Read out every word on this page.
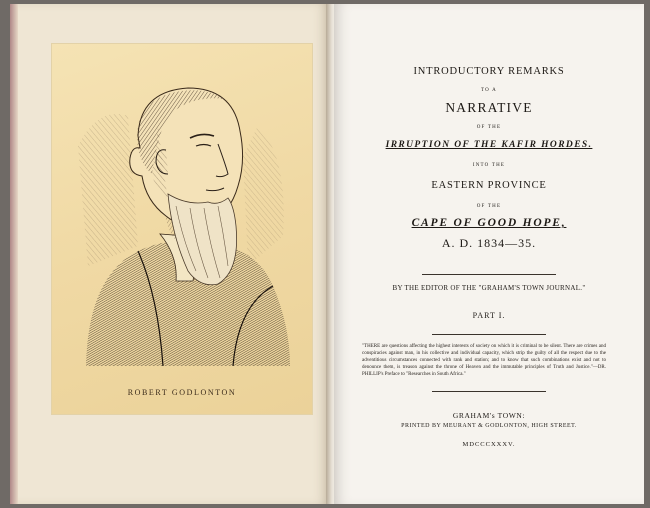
ROBERT GODLONTON
INTRODUCTORY REMARKS
TO A
NARRATIVE
OF THE
IRRUPTION OF THE KAFIR HORDES.
INTO THE
EASTERN PROVINCE
OF THE
CAPE OF GOOD HOPE,
A. D. 1834—35.
BY THE EDITOR OF THE "GRAHAM'S TOWN JOURNAL."
PART I.
"THERE are questions affecting the highest interests of society on which it is criminal to be silent. There are crimes and conspiracies against man, in his collective and individual capacity, which strip the guilty of all the respect due to the adventitious circumstances connected with rank and station; and to know that such combinations exist and not to denounce them, is treason against the throne of Heaven and the immutable principles of Truth and Justice."—DR. PHILLIP's Preface to "Researches in South Africa."
GRAHAM's TOWN:
PRINTED BY MEURANT & GODLONTON, HIGH STREET.
MDCCCXXXV.
